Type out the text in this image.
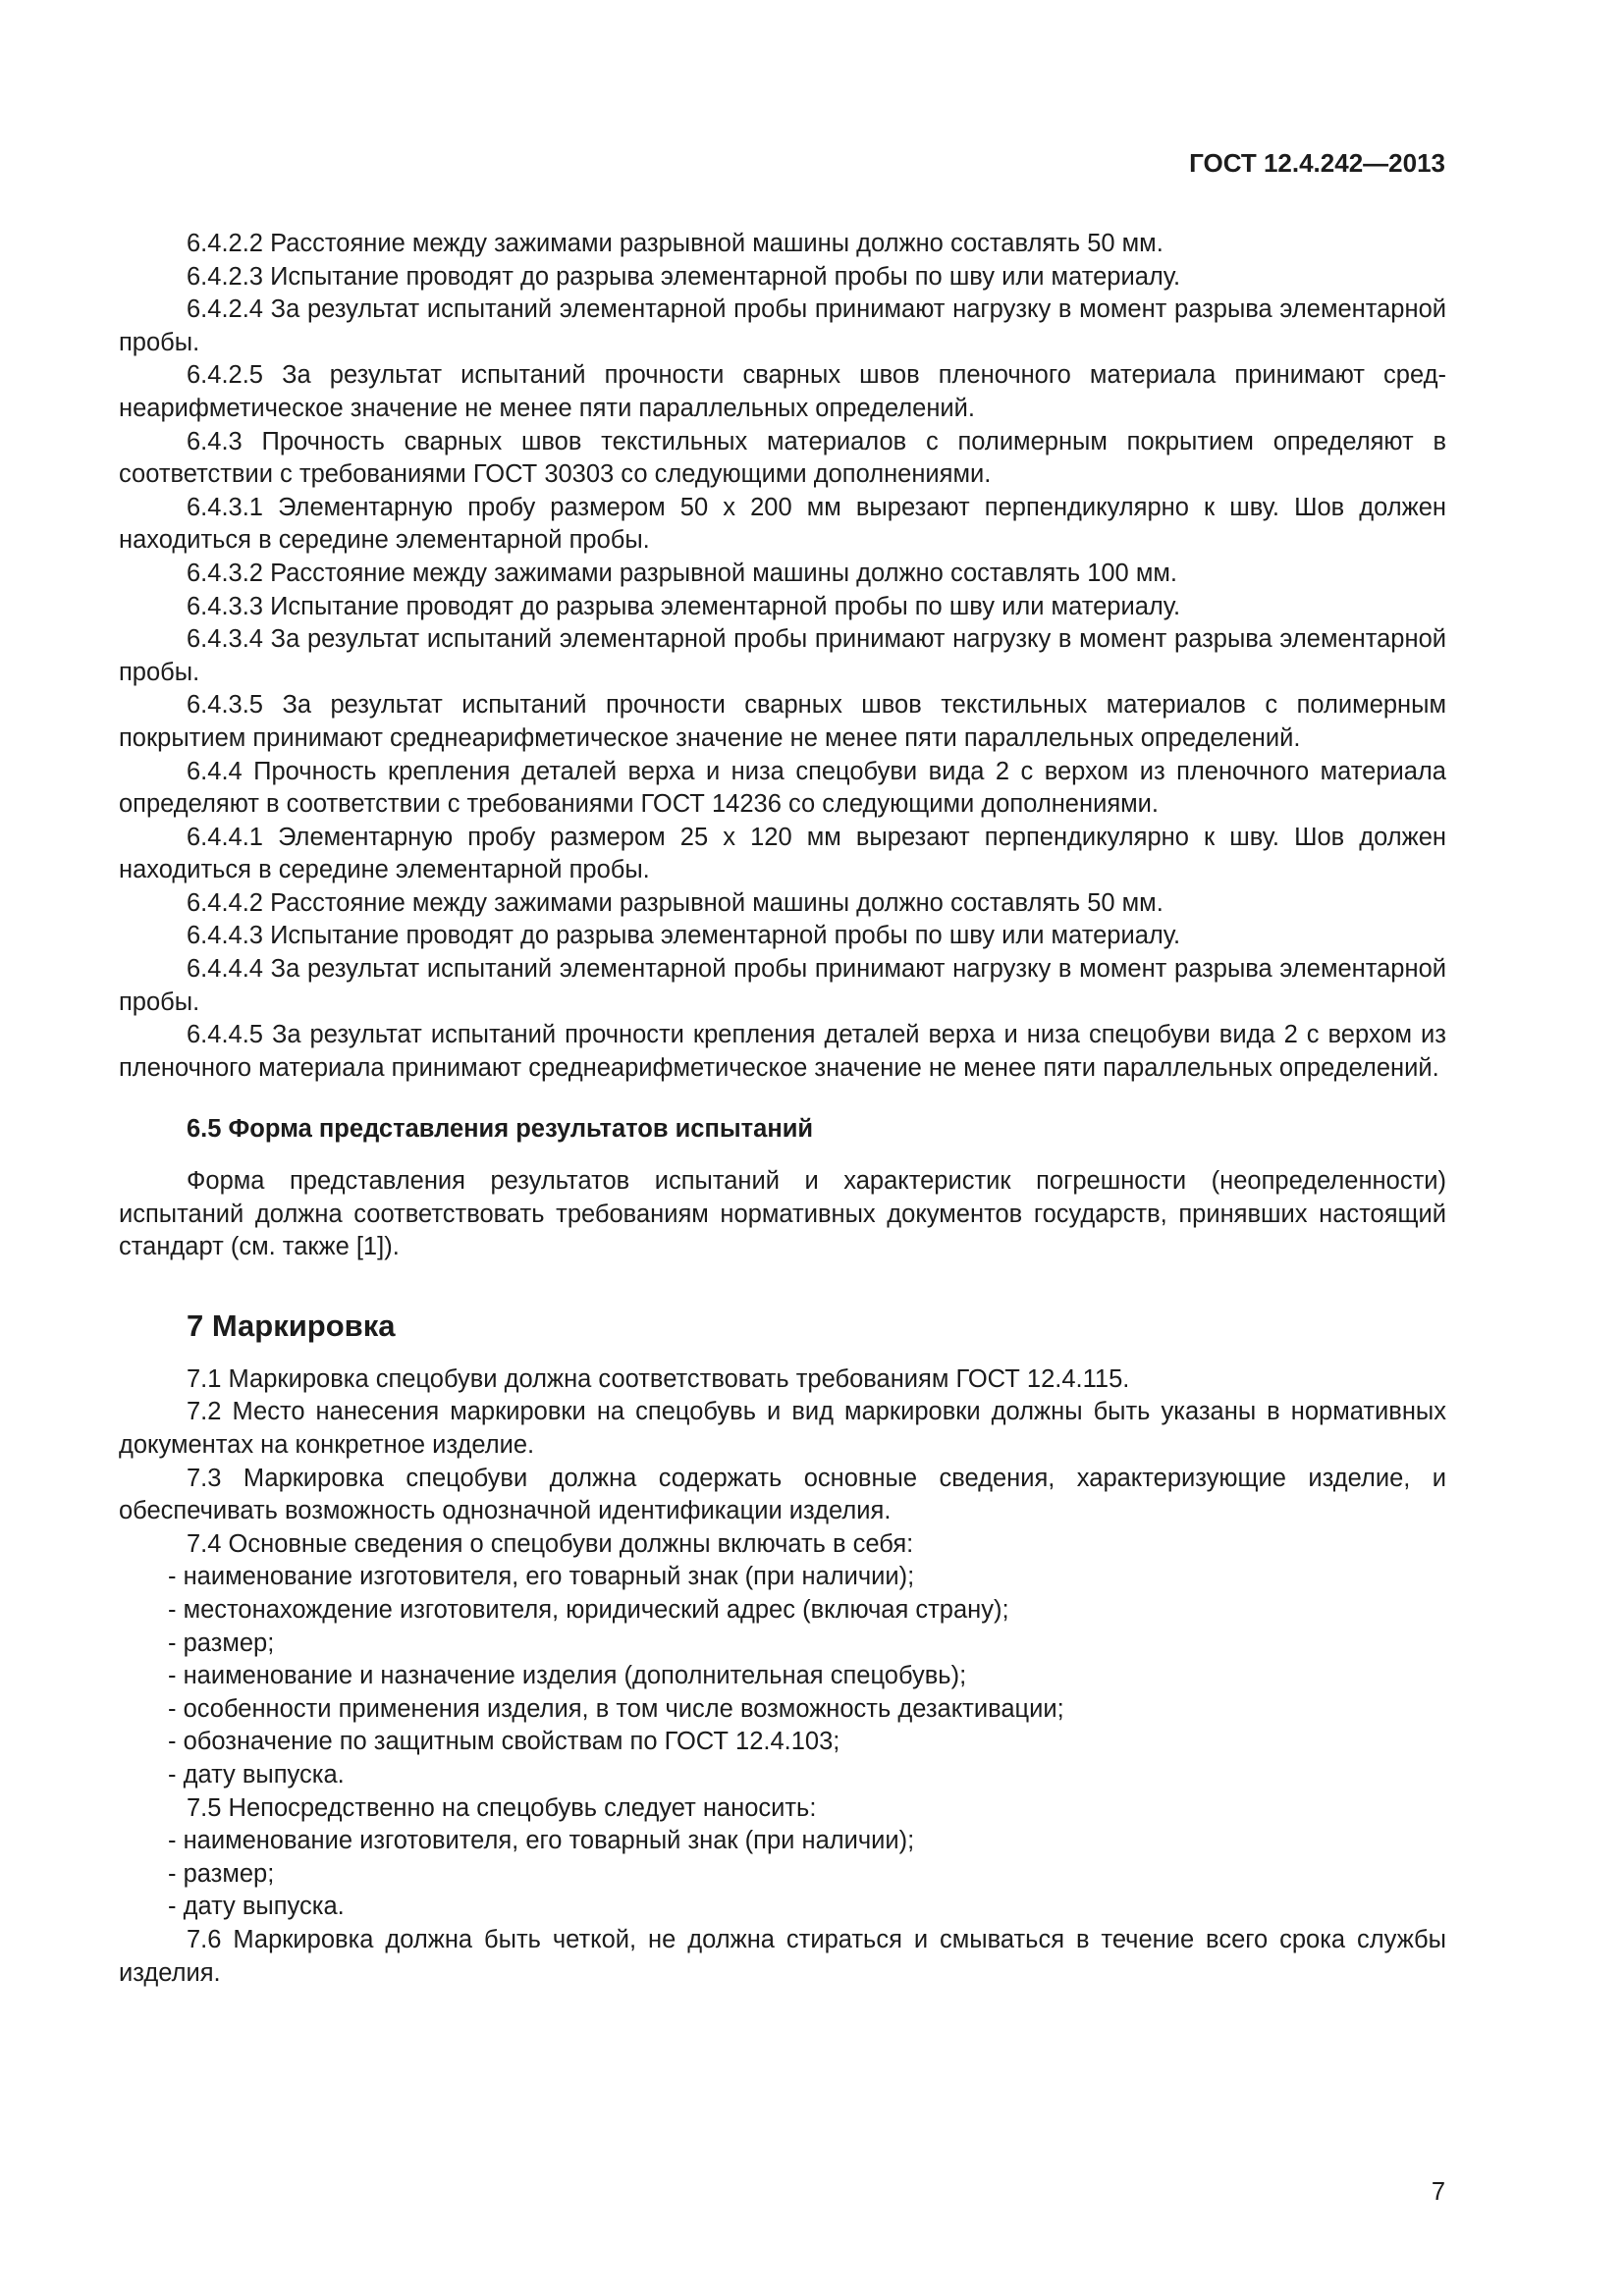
ГОСТ 12.4.242—2013

6.4.2.2 Расстояние между зажимами разрывной машины должно составлять 50 мм.

6.4.2.3 Испытание проводят до разрыва элементарной пробы по шву или материалу.

6.4.2.4 За результат испытаний элементарной пробы принимают нагрузку в момент разрыва элементарной пробы.

6.4.2.5 За результат испытаний прочности сварных швов пленочного материала принимают среднеарифметическое значение не менее пяти параллельных определений.

6.4.3 Прочность сварных швов текстильных материалов с полимерным покрытием определяют в соответствии с требованиями ГОСТ 30303 со следующими дополнениями.

6.4.3.1 Элементарную пробу размером 50 x 200 мм вырезают перпендикулярно к шву. Шов должен находиться в середине элементарной пробы.

6.4.3.2 Расстояние между зажимами разрывной машины должно составлять 100 мм.

6.4.3.3 Испытание проводят до разрыва элементарной пробы по шву или материалу.

6.4.3.4 За результат испытаний элементарной пробы принимают нагрузку в момент разрыва элементарной пробы.

6.4.3.5 За результат испытаний прочности сварных швов текстильных материалов с полимерным покрытием принимают среднеарифметическое значение не менее пяти параллельных определений.

6.4.4 Прочность крепления деталей верха и низа спецобуви вида 2 с верхом из пленочного материала определяют в соответствии с требованиями ГОСТ 14236 со следующими дополнениями.

6.4.4.1 Элементарную пробу размером 25 x 120 мм вырезают перпендикулярно к шву. Шов должен находиться в середине элементарной пробы.

6.4.4.2 Расстояние между зажимами разрывной машины должно составлять 50 мм.

6.4.4.3 Испытание проводят до разрыва элементарной пробы по шву или материалу.

6.4.4.4 За результат испытаний элементарной пробы принимают нагрузку в момент разрыва элементарной пробы.

6.4.4.5 За результат испытаний прочности крепления деталей верха и низа спецобуви вида 2 с верхом из пленочного материала принимают среднеарифметическое значение не менее пяти параллельных определений.

6.5 Форма представления результатов испытаний

Форма представления результатов испытаний и характеристик погрешности (неопределенности) испытаний должна соответствовать требованиям нормативных документов государств, принявших настоящий стандарт (см. также [1]).

7 Маркировка

7.1 Маркировка спецобуви должна соответствовать требованиям ГОСТ 12.4.115.

7.2 Место нанесения маркировки на спецобувь и вид маркировки должны быть указаны в нормативных документах на конкретное изделие.

7.3 Маркировка спецобуви должна содержать основные сведения, характеризующие изделие, и обеспечивать возможность однозначной идентификации изделия.

7.4 Основные сведения о спецобуви должны включать в себя:

- наименование изготовителя, его товарный знак (при наличии);

- местонахождение изготовителя, юридический адрес (включая страну);

- размер;

- наименование и назначение изделия (дополнительная спецобувь);

- особенности применения изделия, в том числе возможность дезактивации;

- обозначение по защитным свойствам по ГОСТ 12.4.103;

- дату выпуска.

7.5 Непосредственно на спецобувь следует наносить:

- наименование изготовителя, его товарный знак (при наличии);

- размер;

- дату выпуска.

7.6 Маркировка должна быть четкой, не должна стираться и смываться в течение всего срока службы изделия.

7
